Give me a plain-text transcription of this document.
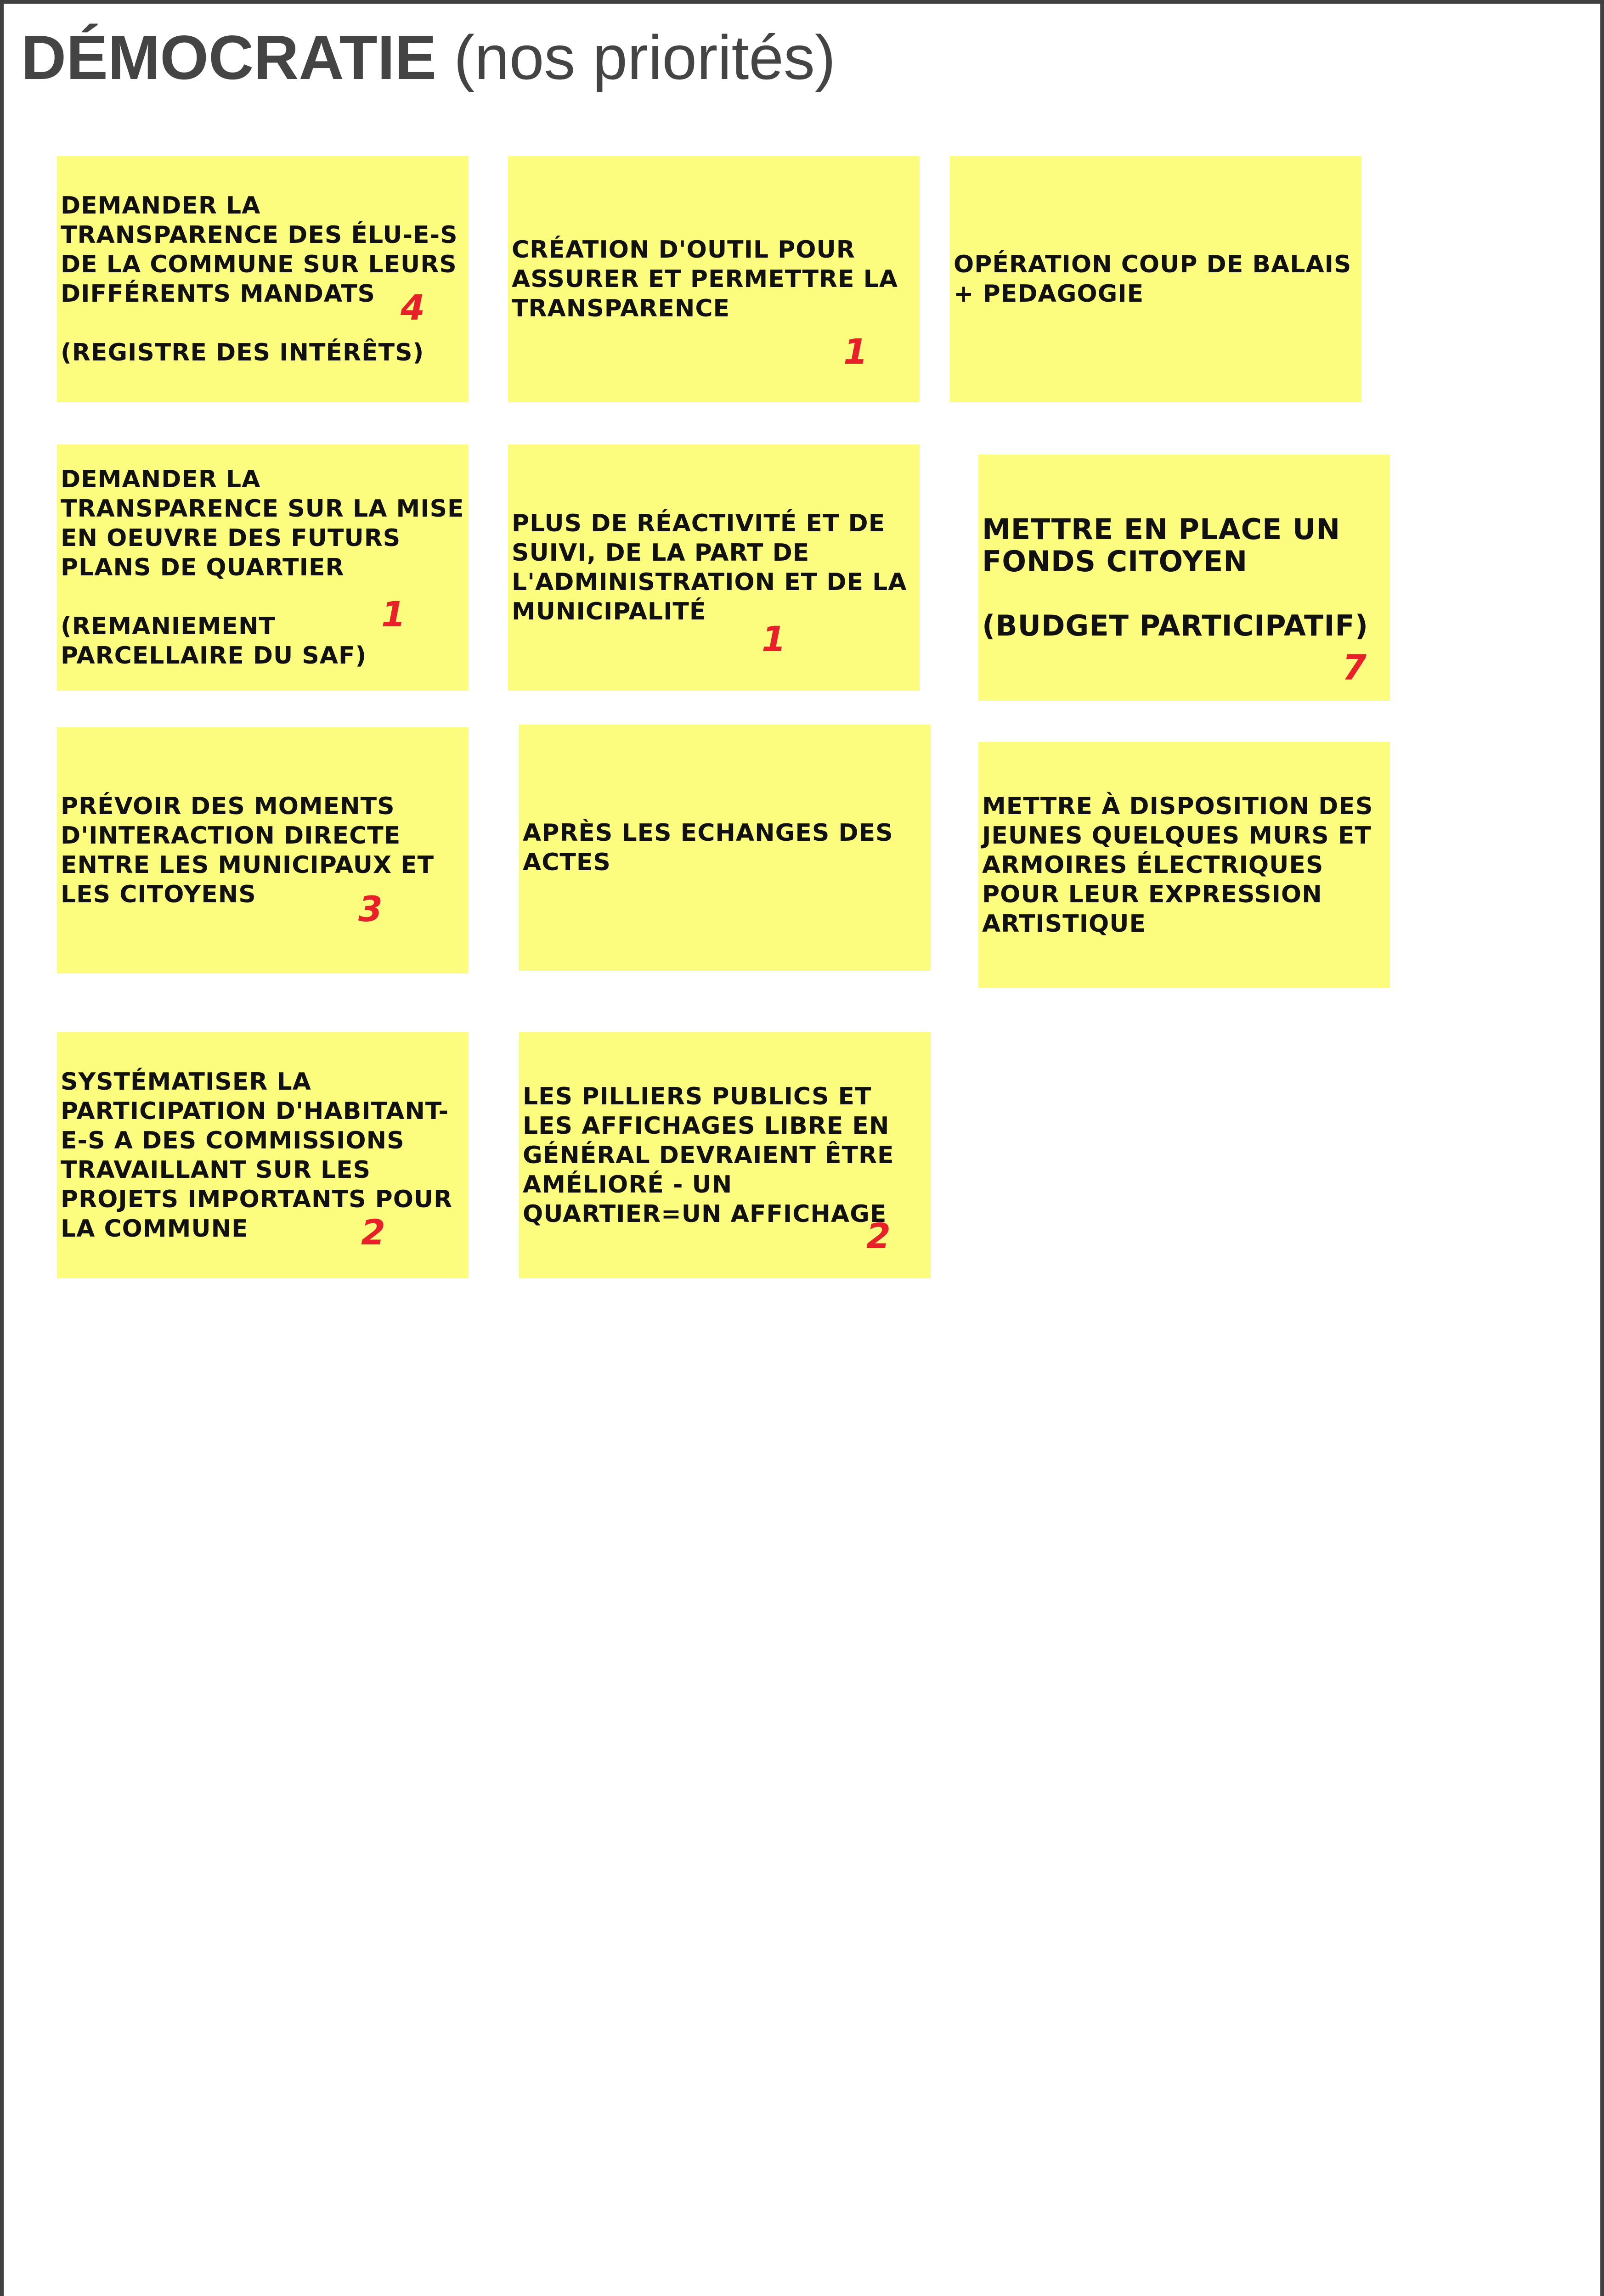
DÉMOCRATIE (nos priorités)

DEMANDER LA TRANSPARENCE DES ÉLU-E-S DE LA COMMUNE SUR LEURS DIFFÉRENTS MANDATS

(REGISTRE DES INTÉRÊTS)

4

CRÉATION D'OUTIL POUR ASSURER ET PERMETTRE LA TRANSPARENCE

1

OPÉRATION COUP DE BALAIS + PEDAGOGIE

DEMANDER LA TRANSPARENCE SUR LA MISE EN OEUVRE DES FUTURS PLANS DE QUARTIER

(REMANIEMENT PARCELLAIRE DU SAF)

1

PLUS DE RÉACTIVITÉ ET DE SUIVI, DE LA PART DE L'ADMINISTRATION ET DE LA MUNICIPALITÉ

1

METTRE EN PLACE UN FONDS CITOYEN

(BUDGET PARTICIPATIF)

7

PRÉVOIR DES MOMENTS D'INTERACTION DIRECTE ENTRE LES MUNICIPAUX ET LES CITOYENS	3

APRÈS LES ECHANGES DES ACTES

METTRE À DISPOSITION DES JEUNES QUELQUES MURS ET ARMOIRES ÉLECTRIQUES POUR LEUR EXPRESSION ARTISTIQUE

SYSTÉMATISER LA PARTICIPATION D'HABITANT-E-S A DES COMMISSIONS TRAVAILLANT SUR LES PROJETS IMPORTANTS POUR LA COMMUNE	2

LES PILLIERS PUBLICS ET LES AFFICHAGES LIBRE EN GÉNÉRAL DEVRAIENT ÊTRE AMÉLIORÉ - UN QUARTIER=UN AFFICHAGE

2
